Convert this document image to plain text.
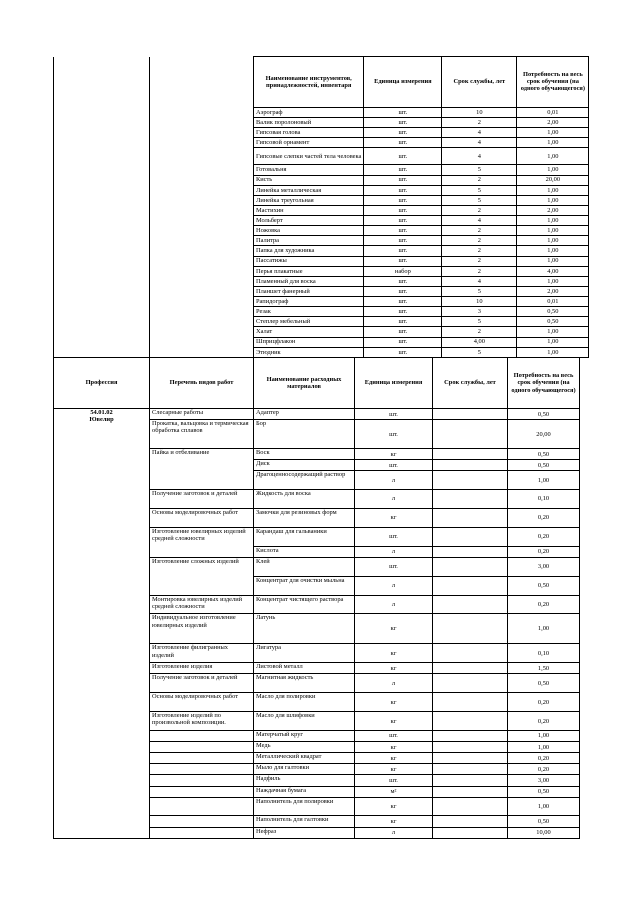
		Наименование инструментов, принадлежностей, инвентаря	Единица измерения	Срок службы, лет	Потребность на весь срок обучения (на одного обучающегося)
		Аэрограф	шт.	10	0,01
		Валик поролоновый	шт.	2	2,00
		Гипсовая голова	шт.	4	1,00
		Гипсовой орнамент	шт.	4	1,00
		Гипсовые слепки частей тела человека	шт.	4	1,00
		Готовальня	шт.	5	1,00
		Кисть	шт.	2	20,00
		Линейка металлическая	шт.	5	1,00
		Линейка треугольная	шт.	5	1,00
		Мастихин	шт.	2	2,00
		Мольберт	шт.	4	1,00
		Ножовка	шт.	2	1,00
		Палитра	шт.	2	1,00
		Папка для художника	шт.	2	1,00
		Пассатижы	шт.	2	1,00
		Перья плакатные	набор	2	4,00
		Пламенный для воска	шт.	4	1,00
		Планшет фанерный	шт.	5	2,00
		Рапидограф	шт.	10	0,01
		Резак	шт.	3	0,50
		Степлер мебельный	шт.	5	0,50
		Халат	шт.	2	1,00
		Шприцфлакон	шт.	4,00	1,00
		Этюдник	шт.	5	1,00
Профессия	Перечень видов работ	Наименование расходных материалов	Единица измерения	Срок службы, лет	Потребность на весь срок обучения (на одного обучающегося)

54.01.02
Ювелир	Слесарные работы	Адаптер	шт.		0,50
	Прокатка, вальцовка и термическая обработка сплавов	Бор	шт.		20,00
	Пайка и отбеливание	Воск	кг		0,50
		Диск	шт.		0,50
		Драгоценносодержащий раствор	л		1,00
	Получение заготовок и деталей	Жидкость для воска	л		0,10
	Основы моделировочных работ	Замочки для резиновых форм	кг		0,20
	Изготовление ювелирных изделий средней сложности	Карандаш для гальваники	шт.		0,20
		Кислота	л		0,20
	Изготовление сложных изделий	Клей	шт.		3,00
		Концентрат для очистки мыльна	л		0,50
	Монтировка ювелирных изделий средней сложности	Концентрат чистящего раствора	л		0,20
	Индивидуальное изготовление ювелирных изделий	Латунь	кг		1,00
	Изготовление филигранных изделий	Лигатура	кг		0,10
	Изготовление изделия	Листовой металл	кг		1,50
	Получение заготовок и деталей	Магнитная жидкость	л		0,50
	Основы моделировочных работ	Масло для полировки	кг		0,20
	Изготовление изделий по произвольной композиции.	Масло для шлифовки	кг		0,20
		Матерчатый круг	шт.		1,00
		Медь	кг		1,00
		Металлический квадрат	кг		0,20
		Мыло для галтовки	кг		0,20
		Надфиль	шт.		3,00
		Наждачная бумага	м²		0,50
		Наполнитель для полировки	кг		1,00
		Наполнитель для галтовки	кг		0,50
		Нефраз	л		10,00
